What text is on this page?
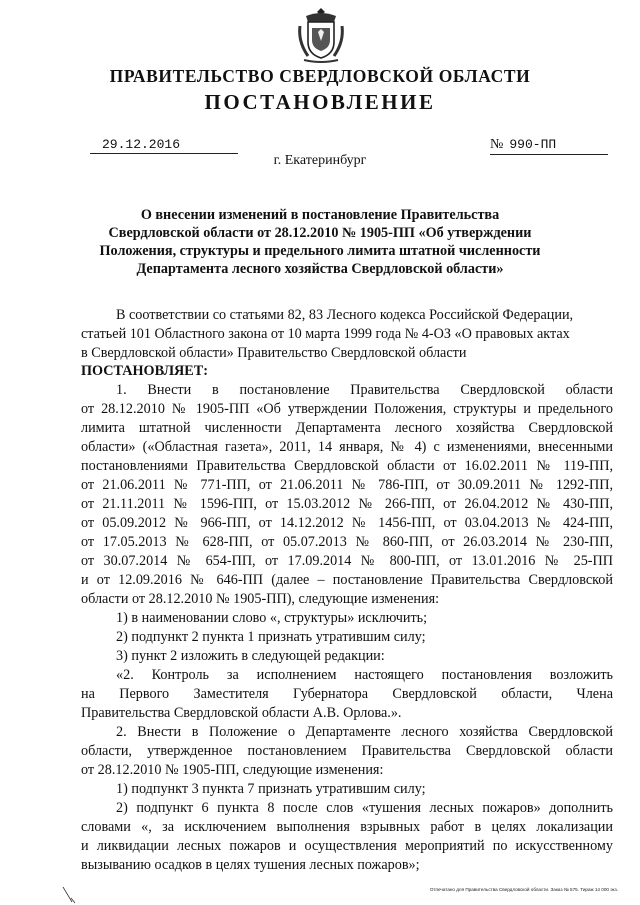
ПРАВИТЕЛЬСТВО СВЕРДЛОВСКОЙ ОБЛАСТИ
ПОСТАНОВЛЕНИЕ
29.12.2016	№ 990-ПП
г. Екатеринбург
О внесении изменений в постановление Правительства
Свердловской области от 28.12.2010 № 1905-ПП «Об утверждении
Положения, структуры и предельного лимита штатной численности
Департамента лесного хозяйства Свердловской области»
В соответствии со статьями 82, 83 Лесного кодекса Российской Федерации,
статьей 101 Областного закона от 10 марта 1999 года № 4-ОЗ «О правовых актах
в Свердловской области» Правительство Свердловской области
ПОСТАНОВЛЯЕТ:
1. Внести в постановление Правительства Свердловской области
от 28.12.2010 № 1905-ПП «Об утверждении Положения, структуры и предельного
лимита штатной численности Департамента лесного хозяйства Свердловской
области» («Областная газета», 2011, 14 января, № 4) с изменениями, внесенными
постановлениями Правительства Свердловской области от 16.02.2011 № 119-ПП,
от 21.06.2011 № 771-ПП, от 21.06.2011 № 786-ПП, от 30.09.2011 № 1292-ПП,
от 21.11.2011 № 1596-ПП, от 15.03.2012 № 266-ПП, от 26.04.2012 № 430-ПП,
от 05.09.2012 № 966-ПП, от 14.12.2012 № 1456-ПП, от 03.04.2013 № 424-ПП,
от 17.05.2013 № 628-ПП, от 05.07.2013 № 860-ПП, от 26.03.2014 № 230-ПП,
от 30.07.2014 № 654-ПП, от 17.09.2014 № 800-ПП, от 13.01.2016 № 25-ПП
и от 12.09.2016 № 646-ПП (далее – постановление Правительства Свердловской
области от 28.12.2010 № 1905-ПП), следующие изменения:
1) в наименовании слово «, структуры» исключить;
2) подпункт 2 пункта 1 признать утратившим силу;
3) пункт 2 изложить в следующей редакции:
«2. Контроль за исполнением настоящего постановления возложить
на Первого Заместителя Губернатора Свердловской области, Члена
Правительства Свердловской области А.В. Орлова.».
2. Внести в Положение о Департаменте лесного хозяйства Свердловской
области, утвержденное постановлением Правительства Свердловской области
от 28.12.2010 № 1905-ПП, следующие изменения:
1) подпункт 3 пункта 7 признать утратившим силу;
2) подпункт 6 пункта 8 после слов «тушения лесных пожаров» дополнить
словами «, за исключением выполнения взрывных работ в целях локализации
и ликвидации лесных пожаров и осуществления мероприятий по искусственному
вызыванию осадков в целях тушения лесных пожаров»;
Отпечатано для Правительства Свердловской области. Заказ № 575. Тираж 14 000 экз.
